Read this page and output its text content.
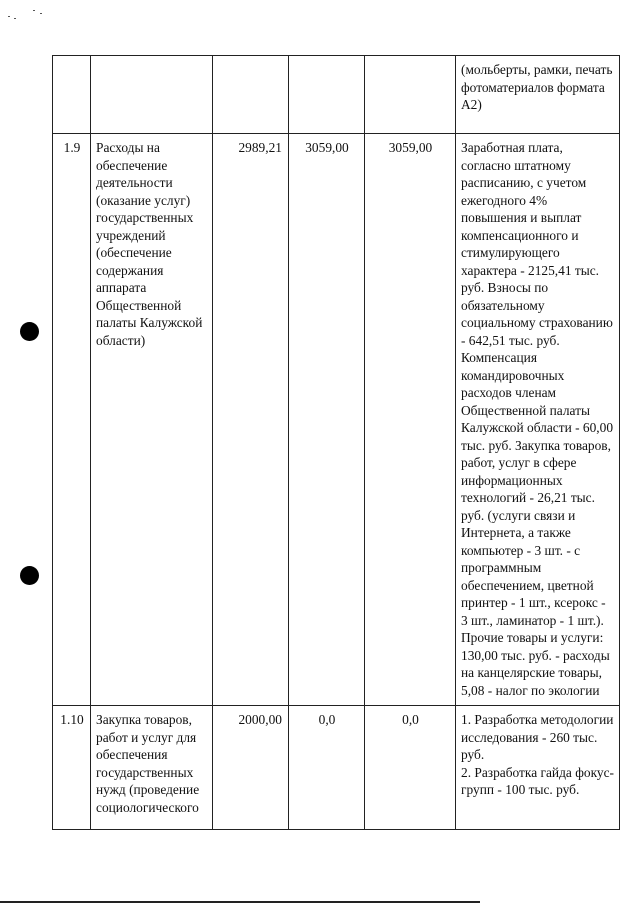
					(мольберты, рамки, печать фотоматериалов формата А2)
1.9	Расходы на обеспечение деятельности (оказание услуг) государственных учреждений (обеспечение содержания аппарата Общественной палаты Калужской области)	2989,21	3059,00	3059,00	Заработная плата, согласно штатному расписанию, с учетом ежегодного 4% повышения и выплат компенсационного и стимулирующего характера - 2125,41 тыс. руб. Взносы по обязательному социальному страхованию - 642,51 тыс. руб.
Компенсация командировочных расходов членам Общественной палаты Калужской области - 60,00 тыс. руб. Закупка товаров, работ, услуг в сфере информационных технологий - 26,21 тыс. руб. (услуги связи и Интернета, а также компьютер - 3 шт. - с программным обеспечением, цветной принтер - 1 шт., ксерокс - 3 шт., ламинатор - 1 шт.). Прочие товары и услуги: 130,00 тыс. руб. - расходы на канцелярские товары, 5,08 - налог по экологии
1.10	Закупка товаров, работ и услуг для обеспечения государственных нужд (проведение социологического	2000,00	0,0	0,0	1. Разработка методологии исследования - 260 тыс. руб.
2. Разработка гайда фокус-групп - 100 тыс. руб.
